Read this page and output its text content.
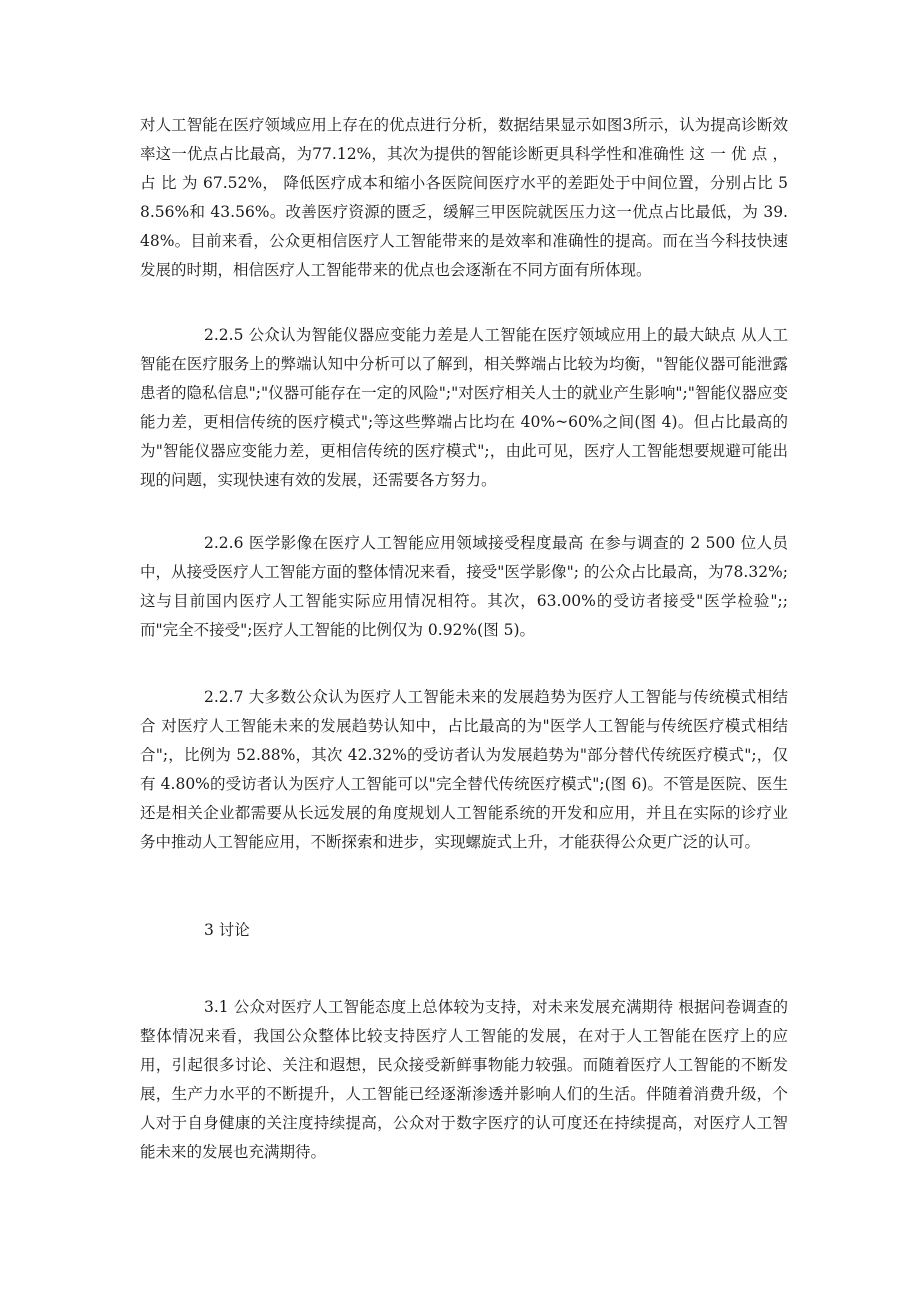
对人工智能在医疗领域应用上存在的优点进行分析，数据结果显示如图3所示，认为提高诊断效率这一优点占比最高，为77.12%，其次为提供的智能诊断更具科学性和准确性 这 一 优 点 ， 占 比 为 67.52%， 降低医疗成本和缩小各医院间医疗水平的差距处于中间位置，分别占比 58.56%和 43.56%。改善医疗资源的匮乏，缓解三甲医院就医压力这一优点占比最低，为 39.48%。目前来看，公众更相信医疗人工智能带来的是效率和准确性的提高。而在当今科技快速发展的时期，相信医疗人工智能带来的优点也会逐渐在不同方面有所体现。

2.2.5 公众认为智能仪器应变能力差是人工智能在医疗领域应用上的最大缺点 从人工智能在医疗服务上的弊端认知中分析可以了解到，相关弊端占比较为均衡，"智能仪器可能泄露患者的隐私信息";"仪器可能存在一定的风险";"对医疗相关人士的就业产生影响";"智能仪器应变能力差，更相信传统的医疗模式";等这些弊端占比均在 40%~60%之间(图 4)。但占比最高的为"智能仪器应变能力差，更相信传统的医疗模式";，由此可见，医疗人工智能想要规避可能出现的问题，实现快速有效的发展，还需要各方努力。

2.2.6 医学影像在医疗人工智能应用领域接受程度最高 在参与调查的 2 500 位人员中，从接受医疗人工智能方面的整体情况来看，接受"医学影像"; 的公众占比最高，为78.32%;这与目前国内医疗人工智能实际应用情况相符。其次，63.00%的受访者接受"医学检验";;而"完全不接受";医疗人工智能的比例仅为 0.92%(图 5)。

2.2.7 大多数公众认为医疗人工智能未来的发展趋势为医疗人工智能与传统模式相结合 对医疗人工智能未来的发展趋势认知中，占比最高的为"医学人工智能与传统医疗模式相结合";，比例为 52.88%，其次 42.32%的受访者认为发展趋势为"部分替代传统医疗模式";，仅有 4.80%的受访者认为医疗人工智能可以"完全替代传统医疗模式";(图 6)。不管是医院、医生还是相关企业都需要从长远发展的角度规划人工智能系统的开发和应用，并且在实际的诊疗业务中推动人工智能应用，不断探索和进步，实现螺旋式上升，才能获得公众更广泛的认可。

3 讨论

3.1 公众对医疗人工智能态度上总体较为支持，对未来发展充满期待 根据问卷调查的整体情况来看，我国公众整体比较支持医疗人工智能的发展，在对于人工智能在医疗上的应用，引起很多讨论、关注和遐想，民众接受新鲜事物能力较强。而随着医疗人工智能的不断发展，生产力水平的不断提升，人工智能已经逐渐渗透并影响人们的生活。伴随着消费升级，个人对于自身健康的关注度持续提高，公众对于数字医疗的认可度还在持续提高，对医疗人工智能未来的发展也充满期待。
